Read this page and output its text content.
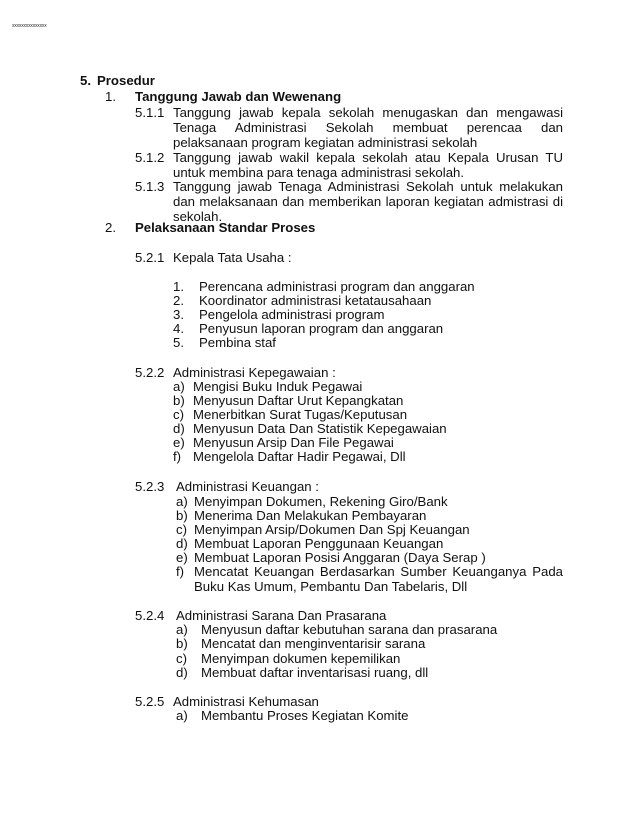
xxxxxxxxxxxxxxx
5. Prosedur
1. Tanggung Jawab dan Wewenang
5.1.1 Tanggung jawab kepala sekolah menugaskan dan mengawasi Tenaga Administrasi Sekolah membuat perencaa dan pelaksanaan program kegiatan administrasi sekolah
5.1.2 Tanggung jawab wakil kepala sekolah atau Kepala Urusan TU untuk membina para tenaga administrasi sekolah.
5.1.3 Tanggung jawab Tenaga Administrasi Sekolah untuk melakukan dan melaksanaan dan memberikan laporan kegiatan admistrasi di sekolah.
2. Pelaksanaan Standar Proses
5.2.1 Kepala Tata Usaha :
1. Perencana administrasi program dan anggaran
2. Koordinator administrasi ketatausahaan
3. Pengelola administrasi program
4. Penyusun laporan program dan anggaran
5. Pembina staf
5.2.2 Administrasi Kepegawaian :
a) Mengisi Buku Induk Pegawai
b) Menyusun Daftar Urut Kepangkatan
c) Menerbitkan Surat Tugas/Keputusan
d) Menyusun Data Dan Statistik Kepegawaian
e) Menyusun Arsip Dan File Pegawai
f) Mengelola Daftar Hadir Pegawai, Dll
5.2.3 Administrasi Keuangan :
a) Menyimpan Dokumen, Rekening Giro/Bank
b) Menerima Dan Melakukan Pembayaran
c) Menyimpan Arsip/Dokumen Dan Spj Keuangan
d) Membuat Laporan Penggunaan Keuangan
e) Membuat Laporan Posisi Anggaran (Daya Serap )
f) Mencatat Keuangan Berdasarkan Sumber Keuanganya Pada Buku Kas Umum, Pembantu Dan Tabelaris, Dll
5.2.4 Administrasi Sarana Dan Prasarana
a) Menyusun daftar kebutuhan sarana dan prasarana
b) Mencatat dan menginventarisir sarana
c) Menyimpan dokumen kepemilikan
d) Membuat daftar inventarisasi ruang, dll
5.2.5 Administrasi Kehumasan
a) Membantu Proses Kegiatan Komite
